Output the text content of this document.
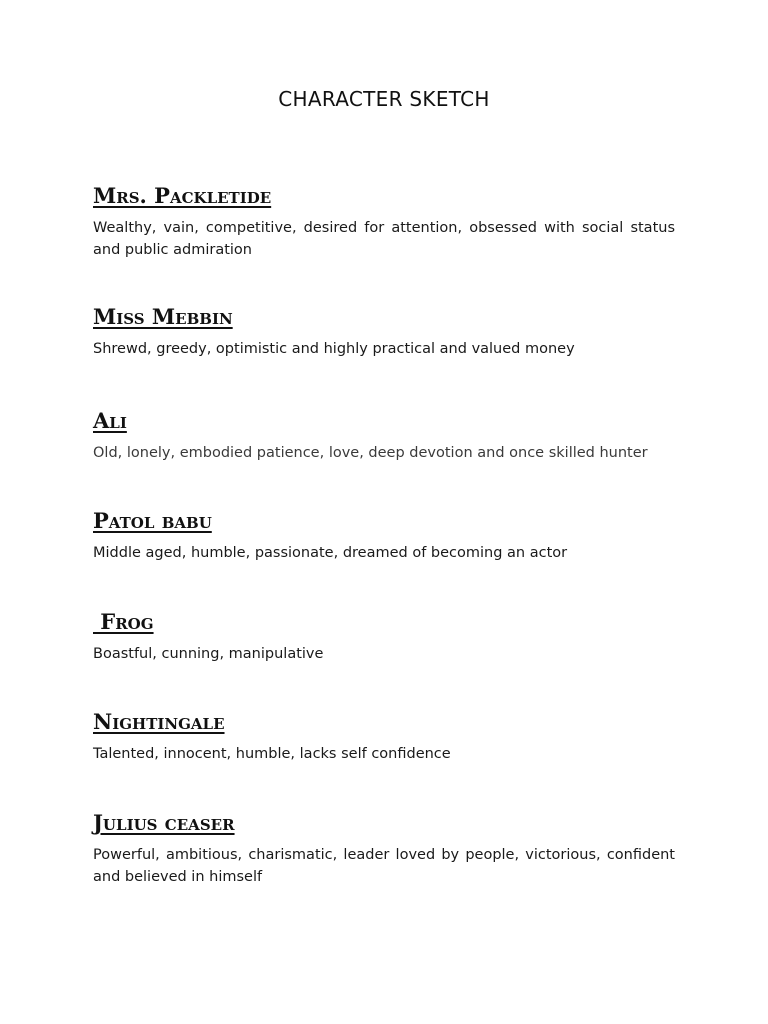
CHARACTER SKETCH
Mrs. Packletide
Wealthy, vain, competitive, desired for attention, obsessed with social status and public admiration
Miss Mebbin
Shrewd, greedy, optimistic and highly practical and valued money
Ali
Old, lonely, embodied patience, love, deep devotion and once skilled hunter
Patol babu
Middle aged, humble, passionate, dreamed of becoming an actor
Frog
Boastful, cunning, manipulative
Nightingale
Talented, innocent, humble, lacks self confidence
Julius ceaser
Powerful, ambitious, charismatic, leader loved by people, victorious, confident and believed in himself
